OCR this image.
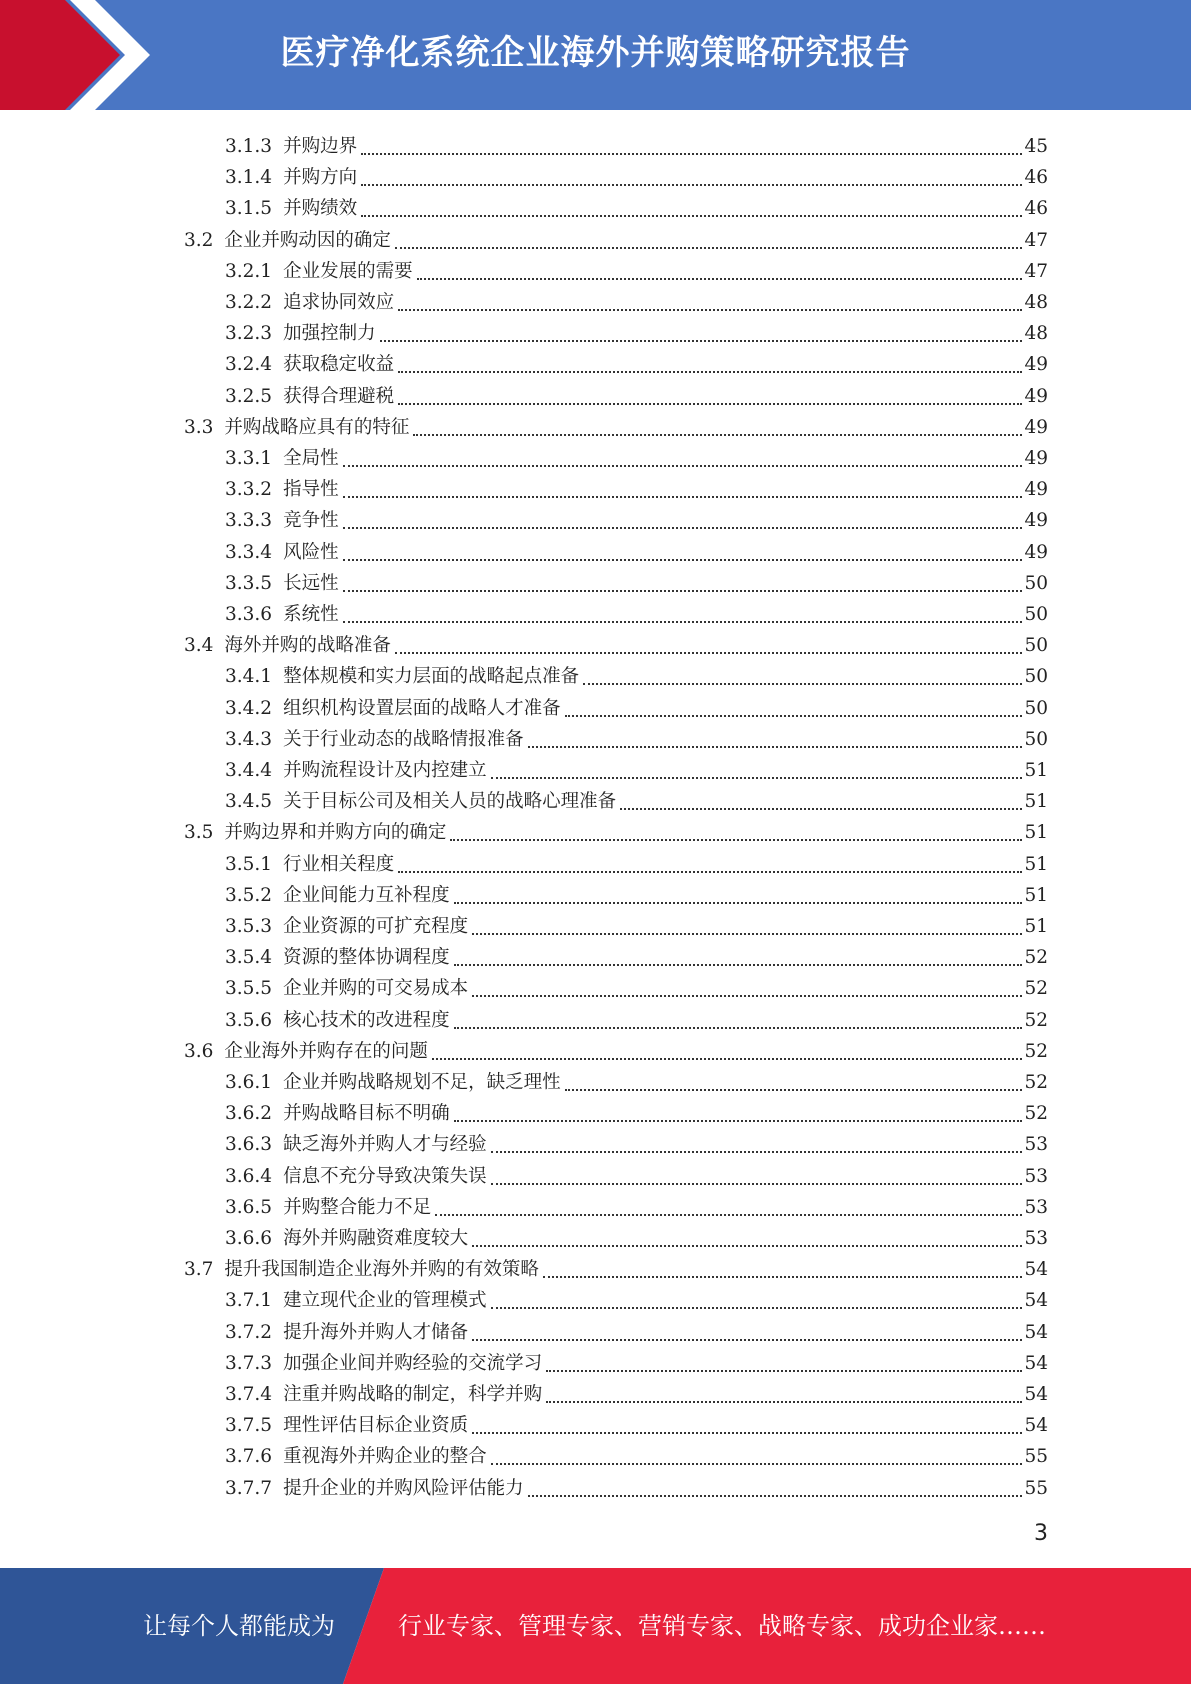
医疗净化系统企业海外并购策略研究报告
3.1.3 并购边界	45
3.1.4 并购方向	46
3.1.5 并购绩效	46
3.2 企业并购动因的确定	47
3.2.1 企业发展的需要	47
3.2.2 追求协同效应	48
3.2.3 加强控制力	48
3.2.4 获取稳定收益	49
3.2.5 获得合理避税	49
3.3 并购战略应具有的特征	49
3.3.1 全局性	49
3.3.2 指导性	49
3.3.3 竞争性	49
3.3.4 风险性	49
3.3.5 长远性	50
3.3.6 系统性	50
3.4 海外并购的战略准备	50
3.4.1 整体规模和实力层面的战略起点准备	50
3.4.2 组织机构设置层面的战略人才准备	50
3.4.3 关于行业动态的战略情报准备	50
3.4.4 并购流程设计及内控建立	51
3.4.5 关于目标公司及相关人员的战略心理准备	51
3.5 并购边界和并购方向的确定	51
3.5.1 行业相关程度	51
3.5.2 企业间能力互补程度	51
3.5.3 企业资源的可扩充程度	51
3.5.4 资源的整体协调程度	52
3.5.5 企业并购的可交易成本	52
3.5.6 核心技术的改进程度	52
3.6 企业海外并购存在的问题	52
3.6.1 企业并购战略规划不足，缺乏理性	52
3.6.2 并购战略目标不明确	52
3.6.3 缺乏海外并购人才与经验	53
3.6.4 信息不充分导致决策失误	53
3.6.5 并购整合能力不足	53
3.6.6 海外并购融资难度较大	53
3.7 提升我国制造企业海外并购的有效策略	54
3.7.1 建立现代企业的管理模式	54
3.7.2 提升海外并购人才储备	54
3.7.3 加强企业间并购经验的交流学习	54
3.7.4 注重并购战略的制定，科学并购	54
3.7.5 理性评估目标企业资质	54
3.7.6 重视海外并购企业的整合	55
3.7.7 提升企业的并购风险评估能力	55
3
让每个人都能成为	行业专家、管理专家、营销专家、战略专家、成功企业家……
